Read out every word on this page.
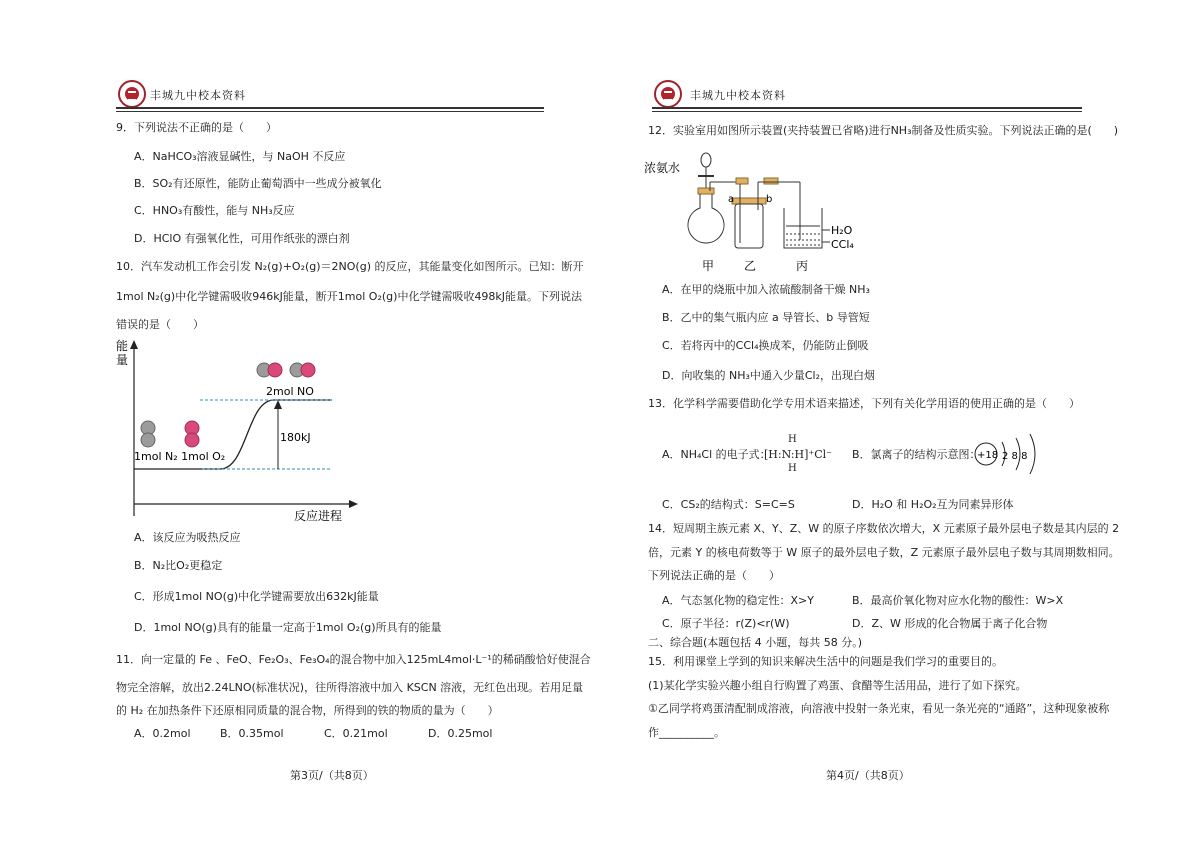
丰城九中校本资料
9．下列说法不正确的是（　　）
A．NaHCO₃溶液显碱性，与 NaOH 不反应
B．SO₂有还原性，能防止葡萄酒中一些成分被氧化
C．HNO₃有酸性，能与 NH₃反应
D．HClO 有强氧化性，可用作纸张的漂白剂
10．汽车发动机工作会引发 N₂(g)+O₂(g)＝2NO(g) 的反应，其能量变化如图所示。已知：断开
1mol N₂(g)中化学键需吸收946kJ能量，断开1mol O₂(g)中化学键需吸收498kJ能量。下列说法
错误的是（　　）
能
量
180kJ
1mol N₂ 1mol O₂
2mol NO
反应进程
A．该反应为吸热反应
B．N₂比O₂更稳定
C．形成1mol NO(g)中化学键需要放出632kJ能量
D．1mol NO(g)具有的能量一定高于1mol O₂(g)所具有的能量
11．向一定量的 Fe 、FeO、Fe₂O₃、Fe₃O₄的混合物中加入125mL4mol·L⁻¹的稀硝酸恰好使混合
物完全溶解，放出2.24LNO(标准状况)，往所得溶液中加入 KSCN 溶液，无红色出现。若用足量
的 H₂ 在加热条件下还原相同质量的混合物，所得到的铁的物质的量为（　　）
A．0.2mol	B．0.35mol	C．0.21mol	D．0.25mol
第3页/（共8页）
丰城九中校本资料
12．实验室用如图所示装置(夹持装置已省略)进行NH₃制备及性质实验。下列说法正确的是(　　)
浓氨水
a	b
H₂O
CCl₄
甲 乙	丙
A．在甲的烧瓶中加入浓硫酸制备干燥 NH₃
B．乙中的集气瓶内应 a 导管长、b 导管短
C．若将丙中的CCl₄换成苯，仍能防止倒吸
D．向收集的 NH₃中通入少量Cl₂，出现白烟
13．化学科学需要借助化学专用术语来描述，下列有关化学用语的使用正确的是（　　）
A．NH₄Cl 的电子式：
H
[H:N:H]⁺Cl⁻
H
B．氯离子的结构示意图：
+18 2 8 8
C．CS₂的结构式：S=C=S	D．H₂O 和 H₂O₂互为同素异形体
14．短周期主族元素 X、Y、Z、W 的原子序数依次增大，X 元素原子最外层电子数是其内层的 2
倍，元素 Y 的核电荷数等于 W 原子的最外层电子数，Z 元素原子最外层电子数与其周期数相同。
下列说法正确的是（　　）
A．气态氢化物的稳定性：X>Y	B．最高价氧化物对应水化物的酸性：W>X
C．原子半径：r(Z)<r(W)	D．Z、W 形成的化合物属于离子化合物
二、综合题(本题包括 4 小题，每共 58 分。)
15．利用课堂上学到的知识来解决生活中的问题是我们学习的重要目的。
(1)某化学实验兴趣小组自行购置了鸡蛋、食醋等生活用品，进行了如下探究。
①乙同学将鸡蛋清配制成溶液，向溶液中投射一条光束，看见一条光亮的“通路”，这种现象被称
作__________。
第4页/（共8页）
